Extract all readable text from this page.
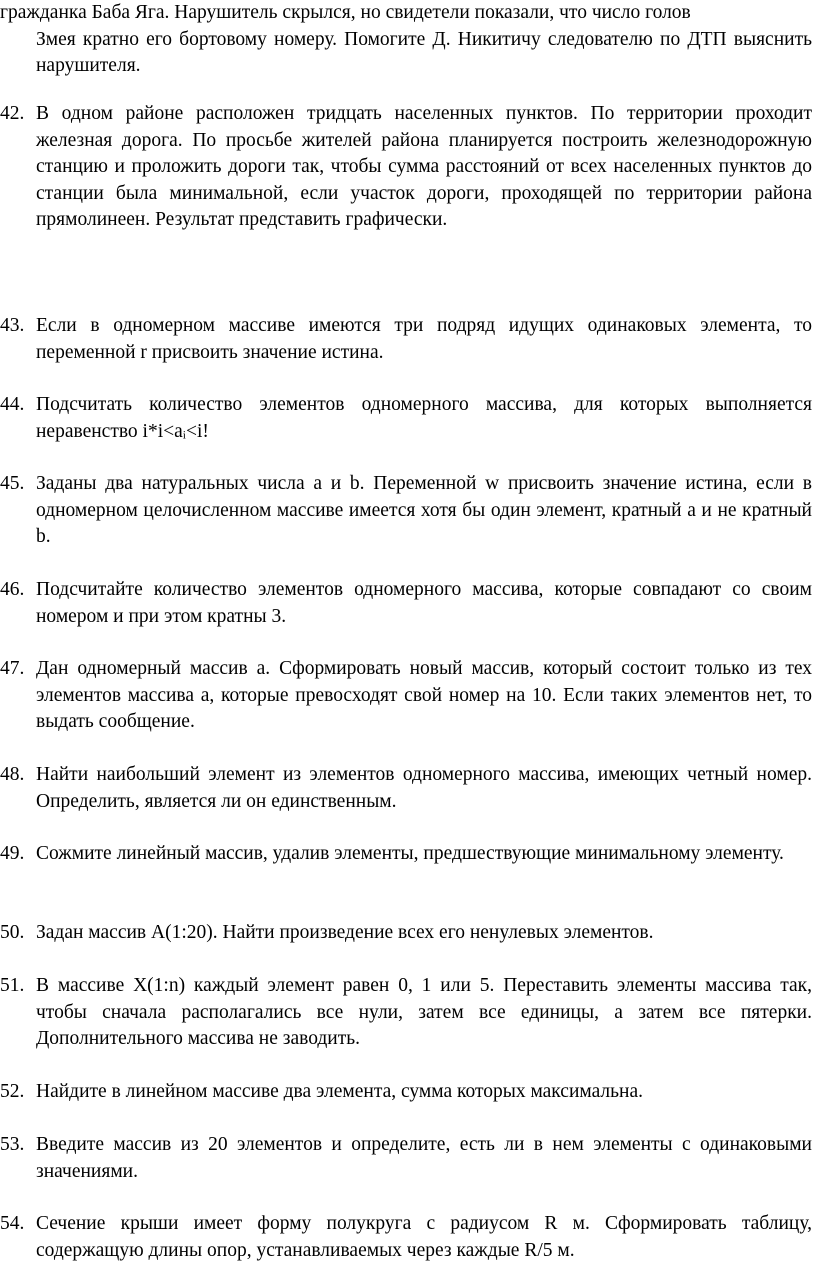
гражданка Баба Яга. Нарушитель скрылся, но свидетели показали, что число голов
Змея кратно его бортовому номеру. Помогите Д. Никитичу следователю по ДТП выяснить нарушителя.
42. В одном районе расположен тридцать населенных пунктов. По территории проходит железная дорога. По просьбе жителей района планируется построить железнодорожную станцию и проложить дороги так, чтобы сумма расстояний от всех населенных пунктов до станции была минимальной, если участок дороги, проходящей по территории района прямолинеен. Результат представить графически.
43. Если в одномерном массиве имеются три подряд идущих одинаковых элемента, то переменной r присвоить значение истина.
44. Подсчитать количество элементов одномерного массива, для которых выполняется неравенство i*i<aᵢ<i!
45. Заданы два натуральных числа a и b. Переменной w присвоить значение истина, если в одномерном целочисленном массиве имеется хотя бы один элемент, кратный a и не кратный b.
46. Подсчитайте количество элементов одномерного массива, которые совпадают со своим номером и при этом кратны 3.
47. Дан одномерный массив а. Сформировать новый массив, который состоит только из тех элементов массива а, которые превосходят свой номер на 10. Если таких элементов нет, то выдать сообщение.
48. Найти наибольший элемент из элементов одномерного массива, имеющих четный номер. Определить, является ли он единственным.
49. Сожмите линейный массив, удалив элементы, предшествующие минимальному элементу.
50. Задан массив А(1:20). Найти произведение всех его ненулевых элементов.
51. В массиве X(1:n) каждый элемент равен 0, 1 или 5. Переставить элементы массива так, чтобы сначала располагались все нули, затем все единицы, а затем все пятерки. Дополнительного массива не заводить.
52. Найдите в линейном массиве два элемента, сумма которых максимальна.
53. Введите массив из 20 элементов и определите, есть ли в нем элементы с одинаковыми значениями.
54. Сечение крыши имеет форму полукруга с радиусом R м. Сформировать таблицу, содержащую длины опор, устанавливаемых через каждые R/5 м.
